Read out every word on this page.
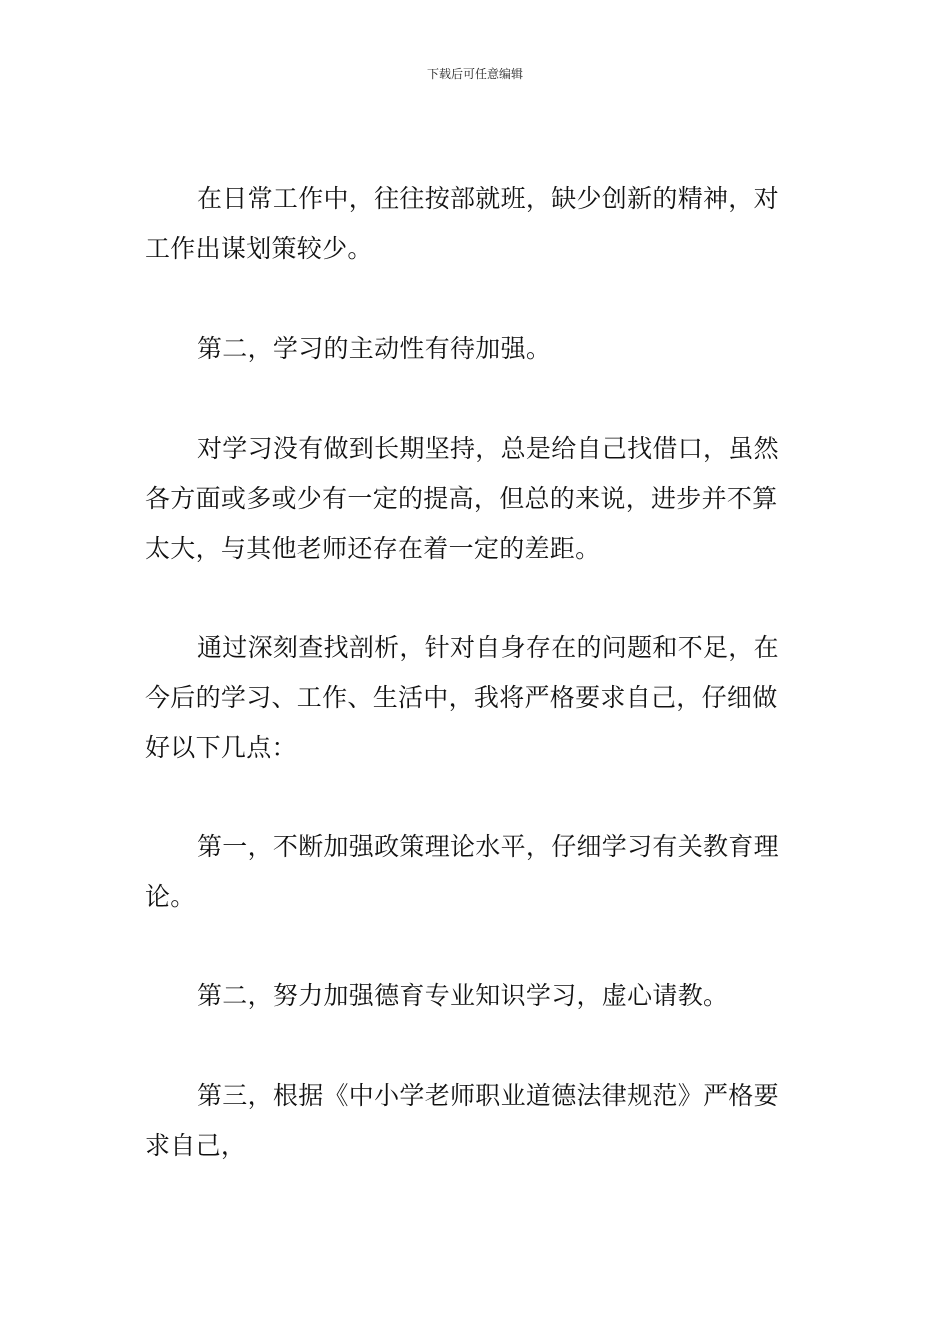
下载后可任意编辑
在日常工作中，往往按部就班，缺少创新的精神，对
工作出谋划策较少。
第二，学习的主动性有待加强。
对学习没有做到长期坚持，总是给自己找借口，虽然
各方面或多或少有一定的提高，但总的来说，进步并不算
太大，与其他老师还存在着一定的差距。
通过深刻查找剖析，针对自身存在的问题和不足，在
今后的学习、工作、生活中，我将严格要求自己，仔细做
好以下几点：
第一，不断加强政策理论水平，仔细学习有关教育理
论。
第二，努力加强德育专业知识学习，虚心请教。
第三，根据《中小学老师职业道德法律规范》严格要
求自己，
